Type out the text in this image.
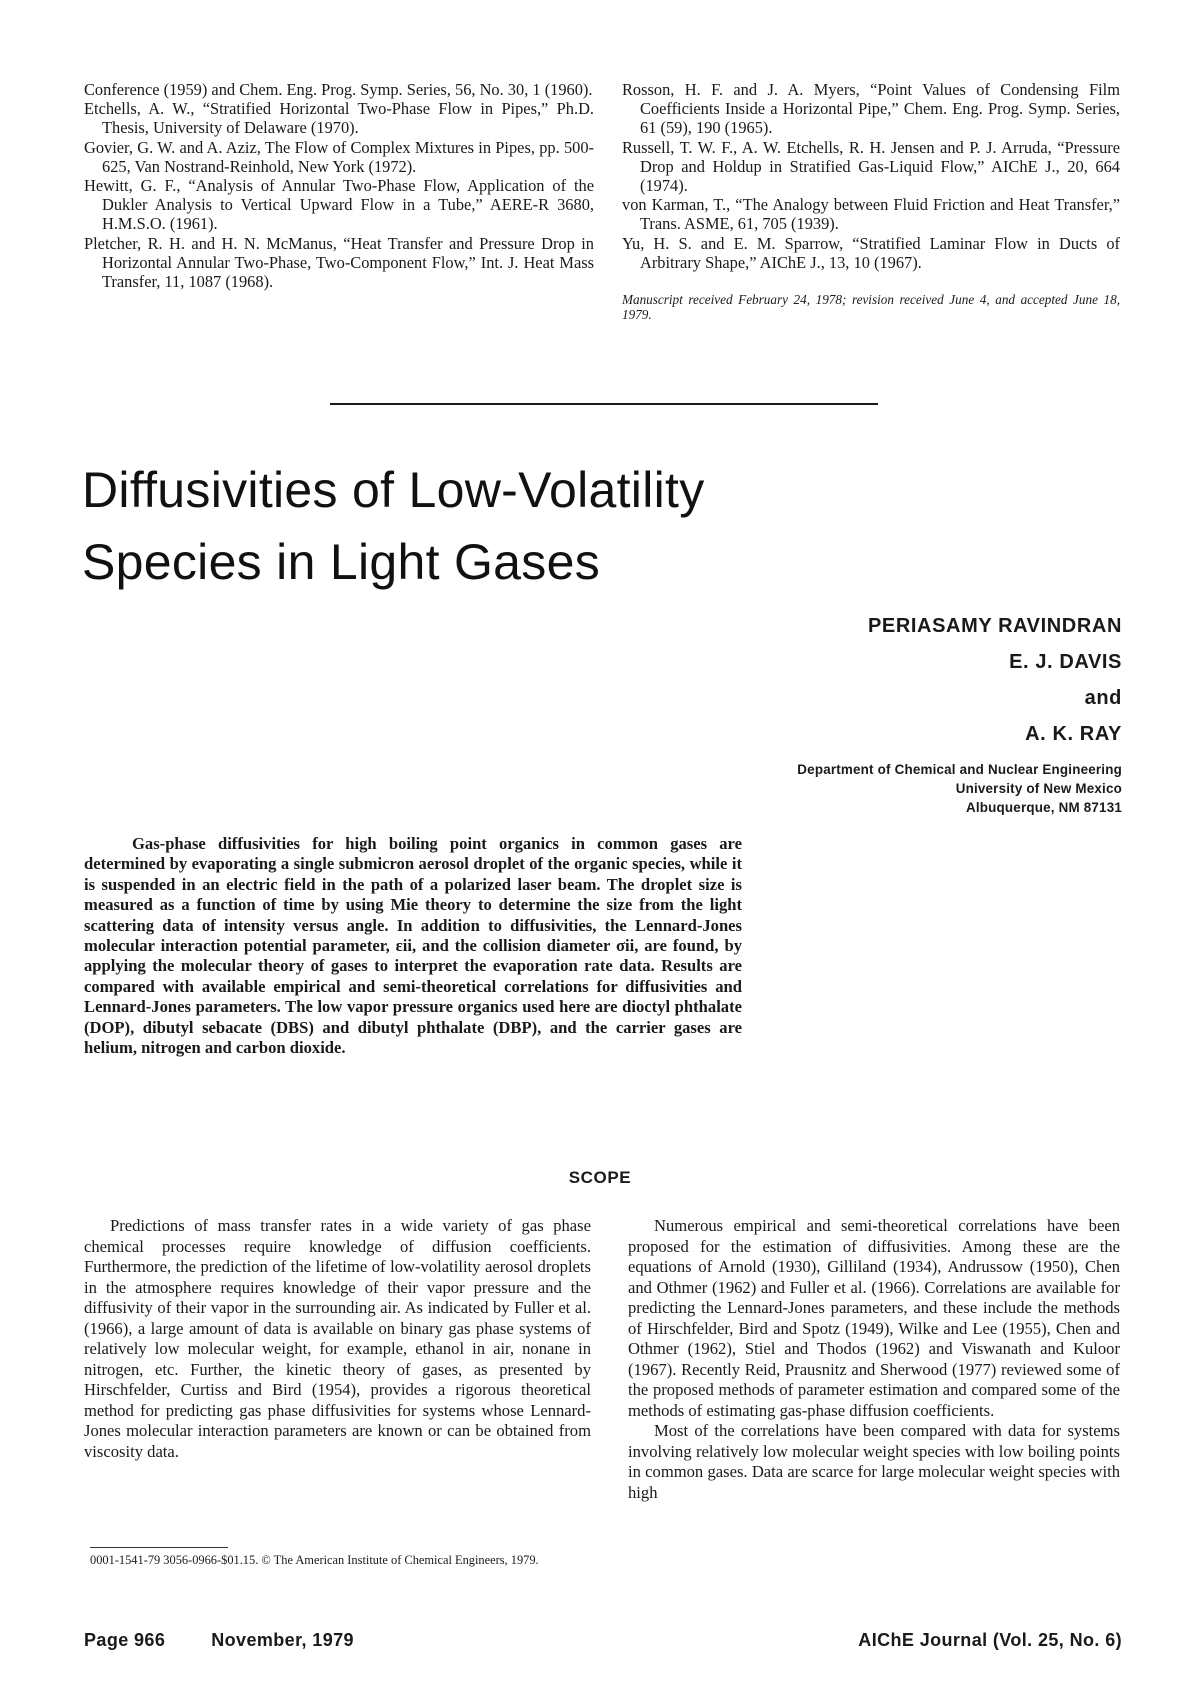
Conference (1959) and Chem. Eng. Prog. Symp. Series, 56, No. 30, 1 (1960).

Etchells, A. W., “Stratified Horizontal Two-Phase Flow in Pipes,” Ph.D. Thesis, University of Delaware (1970).

Govier, G. W. and A. Aziz, The Flow of Complex Mixtures in Pipes, pp. 500-625, Van Nostrand-Reinhold, New York (1972).

Hewitt, G. F., “Analysis of Annular Two-Phase Flow, Application of the Dukler Analysis to Vertical Upward Flow in a Tube,” AERE-R 3680, H.M.S.O. (1961).

Pletcher, R. H. and H. N. McManus, “Heat Transfer and Pressure Drop in Horizontal Annular Two-Phase, Two-Component Flow,” Int. J. Heat Mass Transfer, 11, 1087 (1968).

Rosson, H. F. and J. A. Myers, “Point Values of Condensing Film Coefficients Inside a Horizontal Pipe,” Chem. Eng. Prog. Symp. Series, 61 (59), 190 (1965).

Russell, T. W. F., A. W. Etchells, R. H. Jensen and P. J. Arruda, “Pressure Drop and Holdup in Stratified Gas-Liquid Flow,” AIChE J., 20, 664 (1974).

von Karman, T., “The Analogy between Fluid Friction and Heat Transfer,” Trans. ASME, 61, 705 (1939).

Yu, H. S. and E. M. Sparrow, “Stratified Laminar Flow in Ducts of Arbitrary Shape,” AIChE J., 13, 10 (1967).

Manuscript received February 24, 1978; revision received June 4, and accepted June 18, 1979.

Diffusivities of Low-Volatility
Species in Light Gases
PERIASAMY RAVINDRAN
E. J. DAVIS
and
A. K. RAY
Department of Chemical and Nuclear Engineering
University of New Mexico
Albuquerque, NM 87131

Gas-phase diffusivities for high boiling point organics in common gases are determined by evaporating a single submicron aerosol droplet of the organic species, while it is suspended in an electric field in the path of a polarized laser beam. The droplet size is measured as a function of time by using Mie theory to determine the size from the light scattering data of intensity versus angle. In addition to diffusivities, the Lennard-Jones molecular interaction potential parameter, εii, and the collision diameter σii, are found, by applying the molecular theory of gases to interpret the evaporation rate data. Results are compared with available empirical and semi-theoretical correlations for diffusivities and Lennard-Jones parameters. The low vapor pressure organics used here are dioctyl phthalate (DOP), dibutyl sebacate (DBS) and dibutyl phthalate (DBP), and the carrier gases are helium, nitrogen and carbon dioxide.

SCOPE

Predictions of mass transfer rates in a wide variety of gas phase chemical processes require knowledge of diffusion coefficients. Furthermore, the prediction of the lifetime of low-volatility aerosol droplets in the atmosphere requires knowledge of their vapor pressure and the diffusivity of their vapor in the surrounding air. As indicated by Fuller et al. (1966), a large amount of data is available on binary gas phase systems of relatively low molecular weight, for example, ethanol in air, nonane in nitrogen, etc. Further, the kinetic theory of gases, as presented by Hirschfelder, Curtiss and Bird (1954), provides a rigorous theoretical method for predicting gas phase diffusivities for systems whose Lennard-Jones molecular interaction parameters are known or can be obtained from viscosity data.

Numerous empirical and semi-theoretical correlations have been proposed for the estimation of diffusivities. Among these are the equations of Arnold (1930), Gilliland (1934), Andrussow (1950), Chen and Othmer (1962) and Fuller et al. (1966). Correlations are available for predicting the Lennard-Jones parameters, and these include the methods of Hirschfelder, Bird and Spotz (1949), Wilke and Lee (1955), Chen and Othmer (1962), Stiel and Thodos (1962) and Viswanath and Kuloor (1967). Recently Reid, Prausnitz and Sherwood (1977) reviewed some of the proposed methods of parameter estimation and compared some of the methods of estimating gas-phase diffusion coefficients.

Most of the correlations have been compared with data for systems involving relatively low molecular weight species with low boiling points in common gases. Data are scarce for large molecular weight species with high

0001-1541-79 3056-0966-$01.15. © The American Institute of Chemical Engineers, 1979.

Page 966	November, 1979	AIChE Journal (Vol. 25, No. 6)
